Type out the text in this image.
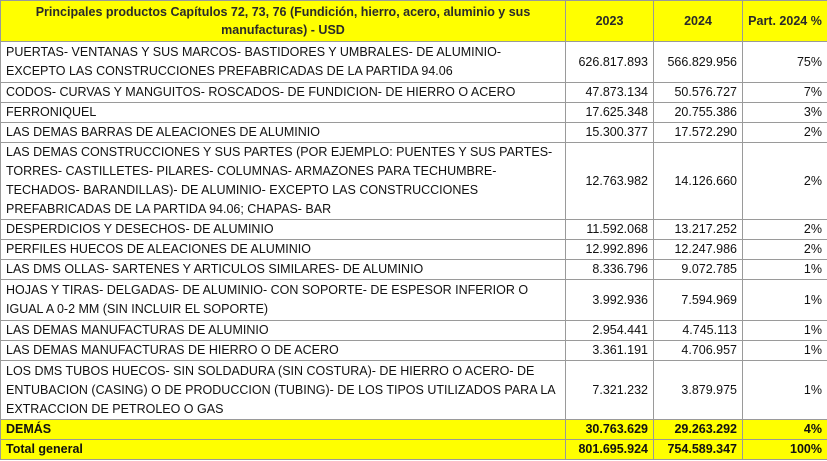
Principales productos Capítulos 72, 73, 76 (Fundición, hierro, acero, aluminio y sus manufacturas) - USD	2023	2024	Part. 2024 %
PUERTAS- VENTANAS Y SUS MARCOS- BASTIDORES Y UMBRALES- DE ALUMINIO- EXCEPTO LAS CONSTRUCCIONES PREFABRICADAS DE LA PARTIDA 94.06	626.817.893	566.829.956	75%
CODOS- CURVAS Y MANGUITOS- ROSCADOS- DE FUNDICION- DE HIERRO O ACERO	47.873.134	50.576.727	7%
FERRONIQUEL	17.625.348	20.755.386	3%
LAS DEMAS BARRAS DE ALEACIONES DE ALUMINIO	15.300.377	17.572.290	2%
LAS DEMAS CONSTRUCCIONES Y SUS PARTES (POR EJEMPLO: PUENTES Y SUS PARTES- TORRES- CASTILLETES- PILARES- COLUMNAS- ARMAZONES PARA TECHUMBRE- TECHADOS- BARANDILLAS)- DE ALUMINIO- EXCEPTO LAS CONSTRUCCIONES PREFABRICADAS DE LA PARTIDA 94.06; CHAPAS- BAR	12.763.982	14.126.660	2%
DESPERDICIOS Y DESECHOS- DE ALUMINIO	11.592.068	13.217.252	2%
PERFILES HUECOS DE ALEACIONES DE ALUMINIO	12.992.896	12.247.986	2%
LAS DMS OLLAS- SARTENES Y ARTICULOS SIMILARES- DE ALUMINIO	8.336.796	9.072.785	1%
HOJAS Y TIRAS- DELGADAS- DE ALUMINIO- CON SOPORTE- DE ESPESOR INFERIOR O IGUAL A 0-2 MM (SIN INCLUIR EL SOPORTE)	3.992.936	7.594.969	1%
LAS DEMAS MANUFACTURAS DE ALUMINIO	2.954.441	4.745.113	1%
LAS DEMAS MANUFACTURAS DE HIERRO O DE ACERO	3.361.191	4.706.957	1%
LOS DMS TUBOS HUECOS- SIN SOLDADURA (SIN COSTURA)- DE HIERRO O ACERO- DE ENTUBACION (CASING) O DE PRODUCCION (TUBING)- DE LOS TIPOS UTILIZADOS PARA LA EXTRACCION DE PETROLEO O GAS	7.321.232	3.879.975	1%
DEMÁS	30.763.629	29.263.292	4%
Total general	801.695.924	754.589.347	100%
